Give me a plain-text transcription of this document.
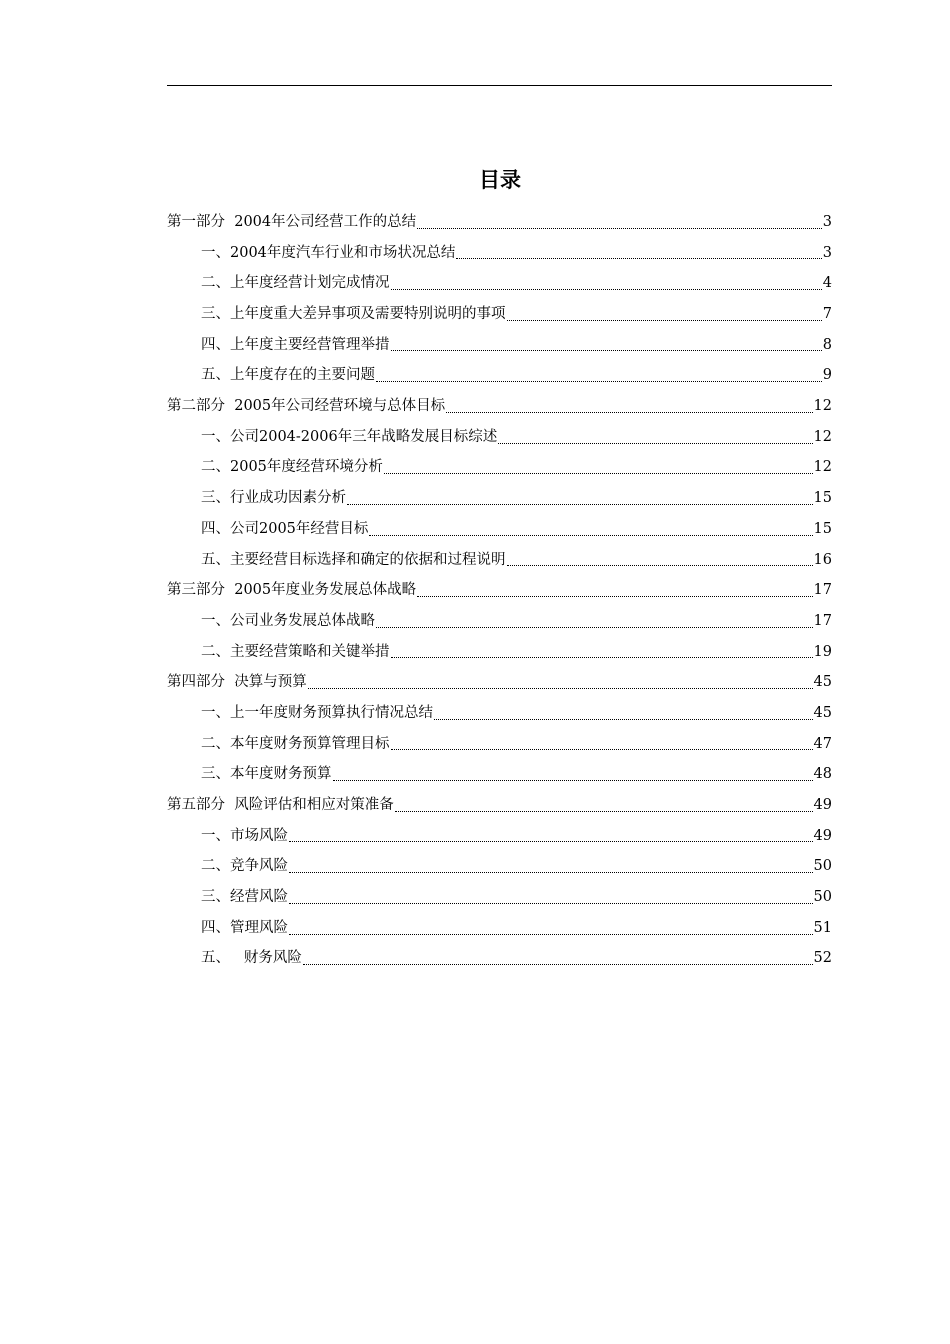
目录
第一部分  2004年公司经营工作的总结	3
一、2004年度汽车行业和市场状况总结	3
二、上年度经营计划完成情况	4
三、上年度重大差异事项及需要特别说明的事项	7
四、上年度主要经营管理举措	8
五、上年度存在的主要问题	9
第二部分  2005年公司经营环境与总体目标	12
一、公司2004-2006年三年战略发展目标综述	12
二、2005年度经营环境分析	12
三、行业成功因素分析	15
四、公司2005年经营目标	15
五、主要经营目标选择和确定的依据和过程说明	16
第三部分  2005年度业务发展总体战略	17
一、公司业务发展总体战略	17
二、主要经营策略和关键举措	19
第四部分  决算与预算	45
一、上一年度财务预算执行情况总结	45
二、本年度财务预算管理目标	47
三、本年度财务预算	48
第五部分  风险评估和相应对策准备	49
一、市场风险	49
二、竞争风险	50
三、经营风险	50
四、管理风险	51
五、   财务风险	52
